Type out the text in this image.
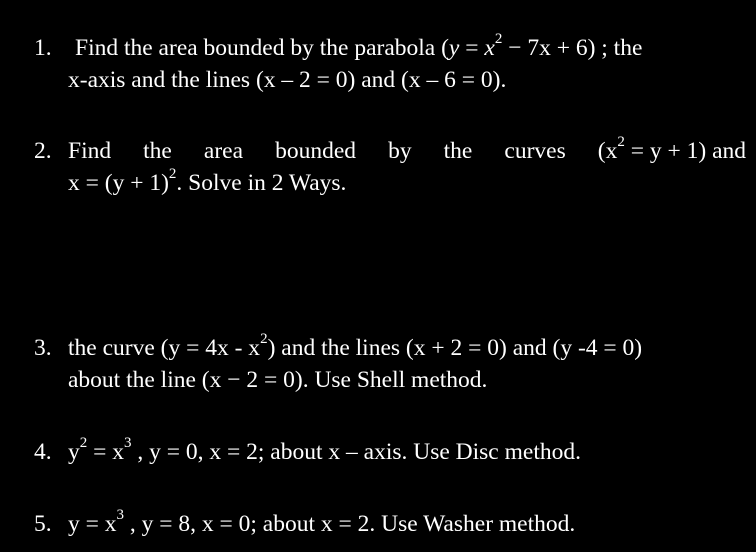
1. Find the area bounded by the parabola $(y = x^2 - 7x + 6)$ ; the
x-axis and the lines (x – 2 = 0) and (x – 6 = 0).
2. Find the area bounded by the curves $(x^2 = y + 1)$ and
$x = (y + 1)^2$. Solve in 2 Ways.
3. the curve $(y = 4x - x^2)$ and the lines (x + 2 = 0) and (y -4 = 0)
about the line (x − 2 = 0). Use Shell method.
4. $y^2 = x^3$ , y = 0, x = 2; about x – axis. Use Disc method.
5. $y = x^3$ , y = 8, x = 0; about x = 2. Use Washer method.
